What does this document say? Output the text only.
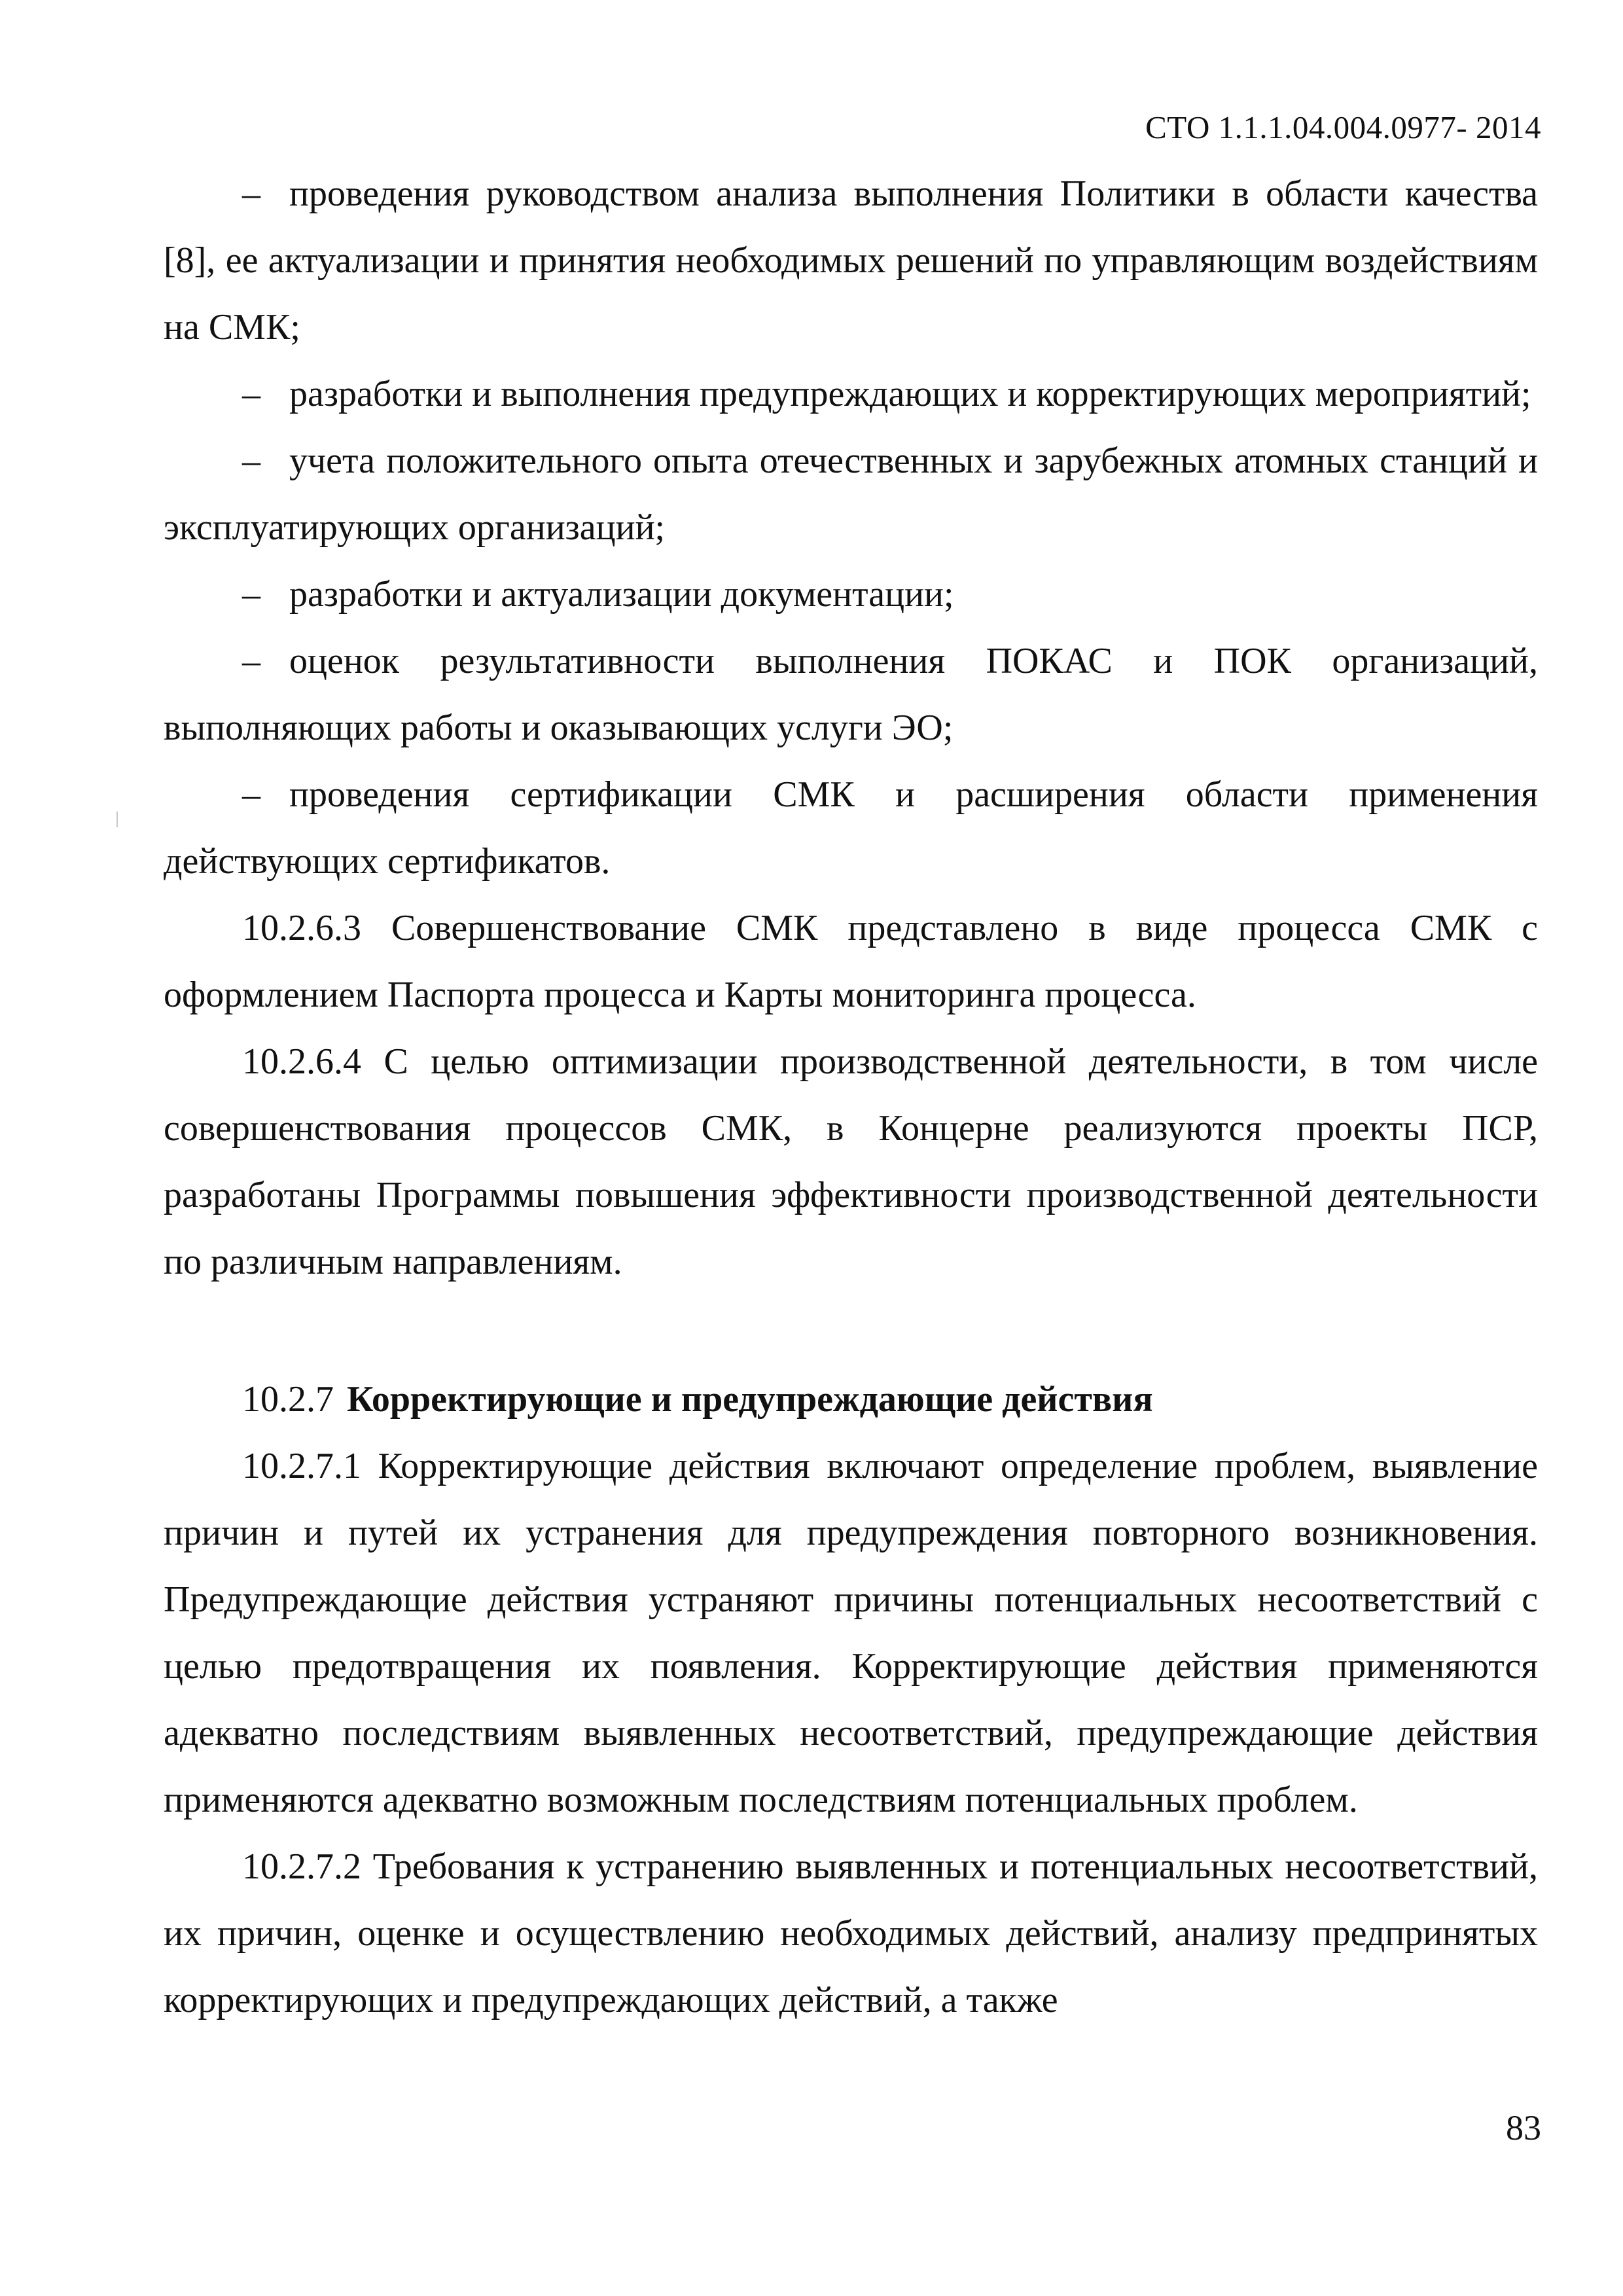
СТО 1.1.1.04.004.0977- 2014

– проведения руководством анализа выполнения Политики в области качества [8], ее актуализации и принятия необходимых решений по управляющим воздействиям на СМК;

– разработки и выполнения предупреждающих и корректирующих мероприятий;

– учета положительного опыта отечественных и зарубежных атомных станций и эксплуатирующих организаций;

– разработки и актуализации документации;

– оценок результативности выполнения ПОКАС и ПОК организаций, выполняющих работы и оказывающих услуги ЭО;

– проведения сертификации СМК и расширения области применения действующих сертификатов.

10.2.6.3 Совершенствование СМК представлено в виде процесса СМК с оформлением Паспорта процесса и Карты мониторинга процесса.

10.2.6.4 С целью оптимизации производственной деятельности, в том числе совершенствования процессов СМК, в Концерне реализуются проекты ПСР, разработаны Программы повышения эффективности производственной деятельности по различным направлениям.

10.2.7 Корректирующие и предупреждающие действия

10.2.7.1 Корректирующие действия включают определение проблем, выявление причин и путей их устранения для предупреждения повторного возникновения. Предупреждающие действия устраняют причины потенциальных несоответствий с целью предотвращения их появления. Корректирующие действия применяются адекватно последствиям выявленных несоответствий, предупреждающие действия применяются адекватно возможным последствиям потенциальных проблем.

10.2.7.2 Требования к устранению выявленных и потенциальных несоответствий, их причин, оценке и осуществлению необходимых действий, анализу предпринятых корректирующих и предупреждающих действий, а также

83
